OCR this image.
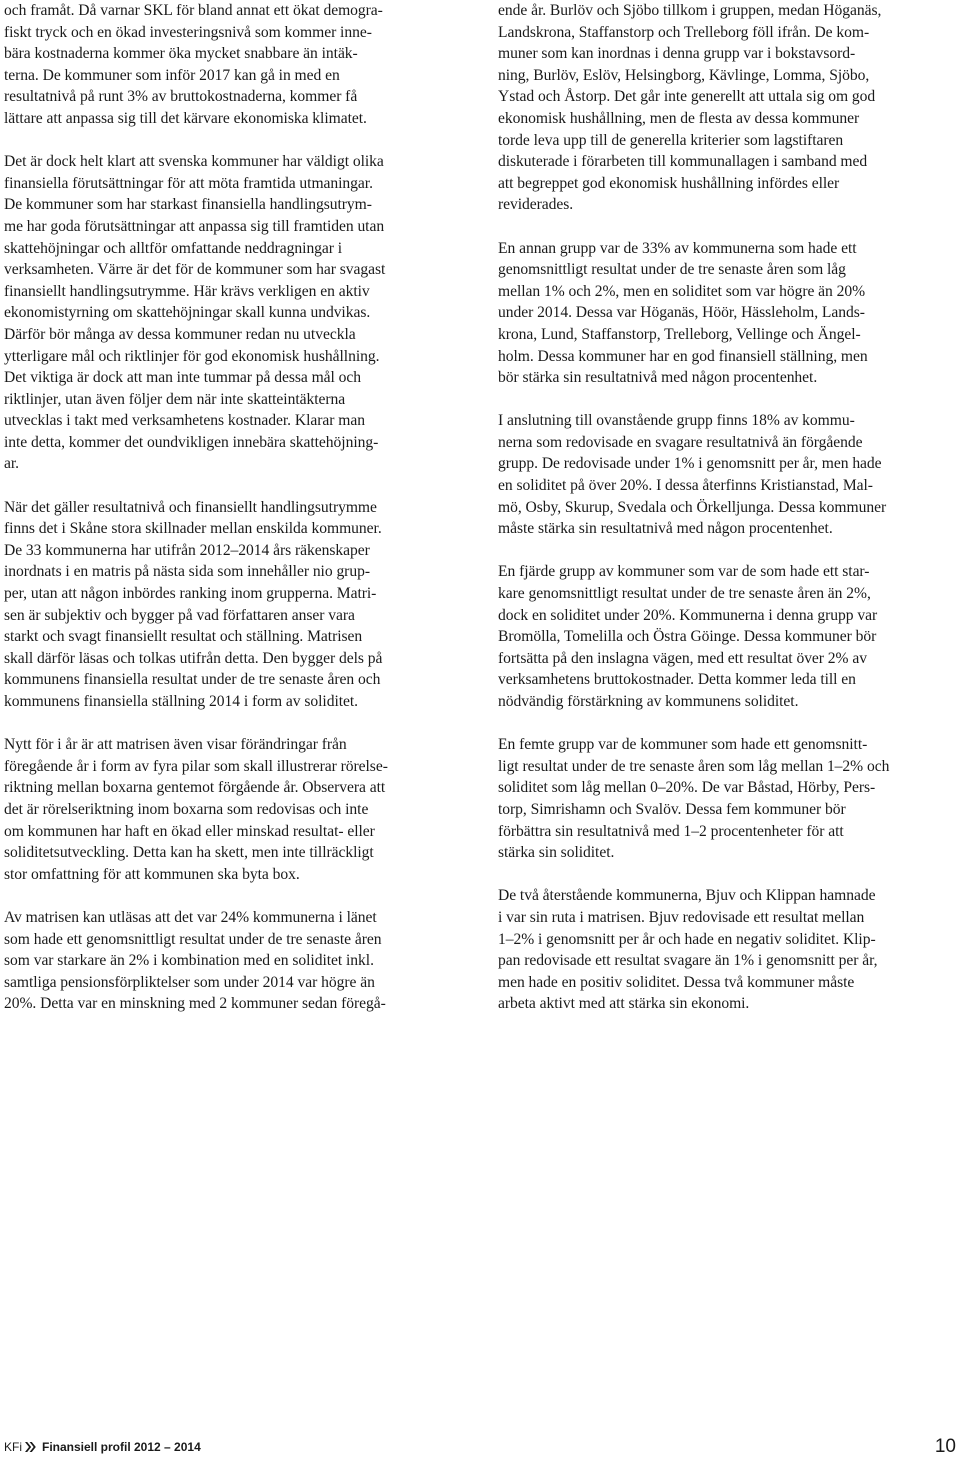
och framåt. Då varnar SKL för bland annat ett ökat demogra-
fiskt tryck och en ökad investeringsnivå som kommer inne-
bära kostnaderna kommer öka mycket snabbare än intäk-
terna. De kommuner som inför 2017 kan gå in med en
resultatnivå på runt 3% av bruttokostnaderna, kommer få
lättare att anpassa sig till det kärvare ekonomiska klimatet.

Det är dock helt klart att svenska kommuner har väldigt olika
finansiella förutsättningar för att möta framtida utmaningar.
De kommuner som har starkast finansiella handlingsutrym-
me har goda förutsättningar att anpassa sig till framtiden utan
skattehöjningar och alltför omfattande neddragningar i
verksamheten. Värre är det för de kommuner som har svagast
finansiellt handlingsutrymme. Här krävs verkligen en aktiv
ekonomistyrning om skattehöjningar skall kunna undvikas.
Därför bör många av dessa kommuner redan nu utveckla
ytterligare mål och riktlinjer för god ekonomisk hushållning.
Det viktiga är dock att man inte tummar på dessa mål och
riktlinjer, utan även följer dem när inte skatteintäkterna
utvecklas i takt med verksamhetens kostnader. Klarar man
inte detta, kommer det oundvikligen innebära skattehöjning-
ar.

När det gäller resultatnivå och finansiellt handlingsutrymme
finns det i Skåne stora skillnader mellan enskilda kommuner.
De 33 kommunerna har utifrån 2012–2014 års räkenskaper
inordnats i en matris på nästa sida som innehåller nio grup-
per, utan att någon inbördes ranking inom grupperna. Matri-
sen är subjektiv och bygger på vad författaren anser vara
starkt och svagt finansiellt resultat och ställning. Matrisen
skall därför läsas och tolkas utifrån detta. Den bygger dels på
kommunens finansiella resultat under de tre senaste åren och
kommunens finansiella ställning 2014 i form av soliditet.

Nytt för i år är att matrisen även visar förändringar från
föregående år i form av fyra pilar som skall illustrerar rörelse-
riktning mellan boxarna gentemot förgående år. Observera att
det är rörelseriktning inom boxarna som redovisas och inte
om kommunen har haft en ökad eller minskad resultat- eller
soliditetsutveckling. Detta kan ha skett, men inte tillräckligt
stor omfattning för att kommunen ska byta box.

Av matrisen kan utläsas att det var 24% kommunerna i länet
som hade ett genomsnittligt resultat under de tre senaste åren
som var starkare än 2% i kombination med en soliditet inkl.
samtliga pensionsförpliktelser som under 2014 var högre än
20%. Detta var en minskning med 2 kommuner sedan föregå-

ende år. Burlöv och Sjöbo tillkom i gruppen, medan Höganäs,
Landskrona, Staffanstorp och Trelleborg föll ifrån. De kom-
muner som kan inordnas i denna grupp var i bokstavsord-
ning, Burlöv, Eslöv, Helsingborg, Kävlinge, Lomma, Sjöbo,
Ystad och Åstorp. Det går inte generellt att uttala sig om god
ekonomisk hushållning, men de flesta av dessa kommuner
torde leva upp till de generella kriterier som lagstiftaren
diskuterade i förarbeten till kommunallagen i samband med
att begreppet god ekonomisk hushållning infördes eller
reviderades.

En annan grupp var de 33% av kommunerna som hade ett
genomsnittligt resultat under de tre senaste åren som låg
mellan 1% och 2%, men en soliditet som var högre än 20%
under 2014. Dessa var Höganäs, Höör, Hässleholm, Lands-
krona, Lund, Staffanstorp, Trelleborg, Vellinge och Ängel-
holm. Dessa kommuner har en god finansiell ställning, men
bör stärka sin resultatnivå med någon procentenhet.

I anslutning till ovanstående grupp finns 18% av kommu-
nerna som redovisade en svagare resultatnivå än förgående
grupp. De redovisade under 1% i genomsnitt per år, men hade
en soliditet på över 20%. I dessa återfinns Kristianstad, Mal-
mö, Osby, Skurup, Svedala och Örkelljunga. Dessa kommuner
måste stärka sin resultatnivå med någon procentenhet.

En fjärde grupp av kommuner som var de som hade ett star-
kare genomsnittligt resultat under de tre senaste åren än 2%,
dock en soliditet under 20%. Kommunerna i denna grupp var
Bromölla, Tomelilla och Östra Göinge. Dessa kommuner bör
fortsätta på den inslagna vägen, med ett resultat över 2% av
verksamhetens bruttokostnader. Detta kommer leda till en
nödvändig förstärkning av kommunens soliditet.

En femte grupp var de kommuner som hade ett genomsnitt-
ligt resultat under de tre senaste åren som låg mellan 1–2% och
soliditet som låg mellan 0–20%. De var Båstad, Hörby, Pers-
torp, Simrishamn och Svalöv. Dessa fem kommuner bör
förbättra sin resultatnivå med 1–2 procentenheter för att
stärka sin soliditet.

De två återstående kommunerna, Bjuv och Klippan hamnade
i var sin ruta i matrisen. Bjuv redovisade ett resultat mellan
1–2% i genomsnitt per år och hade en negativ soliditet. Klip-
pan redovisade ett resultat svagare än 1% i genomsnitt per år,
men hade en positiv soliditet. Dessa två kommuner måste
arbeta aktivt med att stärka sin ekonomi.

KFi Finansiell profil 2012 – 2014	10
